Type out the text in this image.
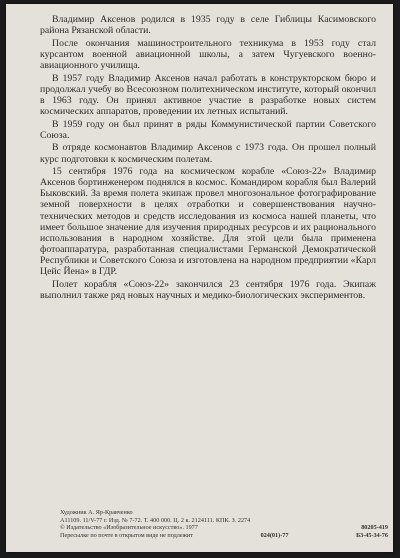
Владимир Аксенов родился в 1935 году в селе Гиблицы Касимовского района Рязанской области.

После окончания машиностроительного техникума в 1953 году стал курсантом военной авиационной школы, а затем Чугуевского военно-авиационного училища.

В 1957 году Владимир Аксенов начал работать в конструкторском бюро и продолжал учебу во Всесоюзном политехническом институте, который окончил в 1963 году. Он принял активное участие в разработке новых систем космических аппаратов, проведении их летных испытаний.

В 1959 году он был принят в ряды Коммунистической партии Советского Союза.

В отряде космонавтов Владимир Аксенов с 1973 года. Он прошел полный курс подготовки к космическим полетам.

15 сентября 1976 года на космическом корабле «Союз-22» Владимир Аксенов бортинженером поднялся в космос. Командиром корабля был Валерий Быковский. За время полета экипаж провел многозональное фотографирование земной поверхности в целях отработки и совершенствования научно-технических методов и средств исследования из космоса нашей планеты, что имеет большое значение для изучения природных ресурсов и их рационального использования в народном хозяйстве. Для этой цели была применена фотоаппаратура, разработанная специалистами Германской Демократической Республики и Советского Союза и изготовлена на народном предприятии «Карл Цейс Йена» в ГДР.

Полет корабля «Союз-22» закончился 23 сентября 1976 года. Экипаж выполнил также ряд новых научных и медико-биологических экспериментов.

Художник А. Яр-Кравченко
А11109. 11/V-77 г. Изд. № 7-72. Т. 400 000. Ц. 2 к. 2124111. КПК. З. 2274
© Издательство «Изобразительное искусство». 1977	80205-419
Пересылке по почте в открытом виде не подлежит	024(01)-77	Б3-45-34-76
